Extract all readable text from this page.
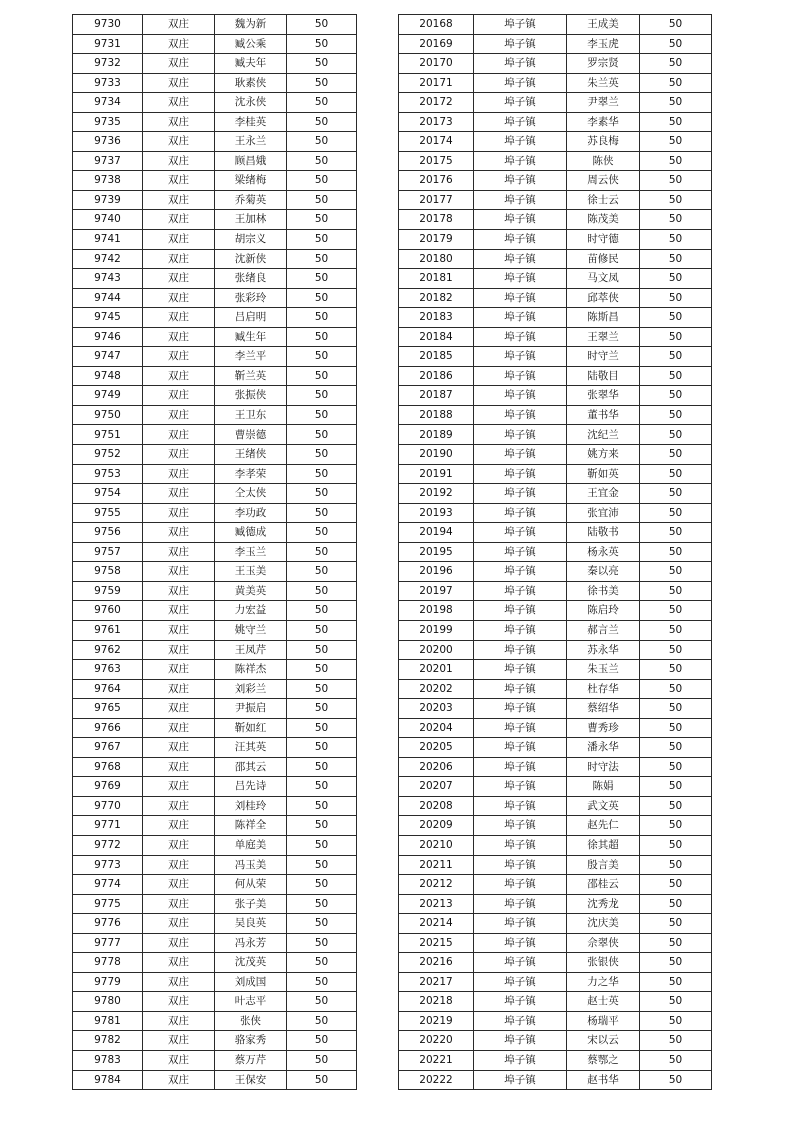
9730	双庄	魏为新	50
9731	双庄	臧公乘	50
9732	双庄	臧夫年	50
9733	双庄	耿素侠	50
9734	双庄	沈永侠	50
9735	双庄	李桂英	50
9736	双庄	王永兰	50
9737	双庄	顾昌娥	50
9738	双庄	梁绪梅	50
9739	双庄	乔菊英	50
9740	双庄	王加林	50
9741	双庄	胡宗义	50
9742	双庄	沈新侠	50
9743	双庄	张绪良	50
9744	双庄	张彩玲	50
9745	双庄	吕启明	50
9746	双庄	臧生年	50
9747	双庄	李兰平	50
9748	双庄	靳兰英	50
9749	双庄	张振侠	50
9750	双庄	王卫东	50
9751	双庄	曹崇德	50
9752	双庄	王绪侠	50
9753	双庄	李孝荣	50
9754	双庄	仝太侠	50
9755	双庄	李功政	50
9756	双庄	臧德成	50
9757	双庄	李玉兰	50
9758	双庄	王玉美	50
9759	双庄	黄美英	50
9760	双庄	力宏益	50
9761	双庄	姚守兰	50
9762	双庄	王凤芹	50
9763	双庄	陈祥杰	50
9764	双庄	刘彩兰	50
9765	双庄	尹振启	50
9766	双庄	靳如红	50
9767	双庄	汪其英	50
9768	双庄	邵其云	50
9769	双庄	吕先诗	50
9770	双庄	刘桂玲	50
9771	双庄	陈祥全	50
9772	双庄	单庭美	50
9773	双庄	冯玉美	50
9774	双庄	何从荣	50
9775	双庄	张子美	50
9776	双庄	吴良英	50
9777	双庄	冯永芳	50
9778	双庄	沈茂英	50
9779	双庄	刘成国	50
9780	双庄	叶志平	50
9781	双庄	张侠	50
9782	双庄	骆家秀	50
9783	双庄	蔡万芹	50
9784	双庄	王保安	50
20168	埠子镇	王成美	50
20169	埠子镇	李玉虎	50
20170	埠子镇	罗宗贤	50
20171	埠子镇	朱兰英	50
20172	埠子镇	尹翠兰	50
20173	埠子镇	李素华	50
20174	埠子镇	苏良梅	50
20175	埠子镇	陈侠	50
20176	埠子镇	周云侠	50
20177	埠子镇	徐士云	50
20178	埠子镇	陈茂美	50
20179	埠子镇	时守德	50
20180	埠子镇	苗修民	50
20181	埠子镇	马文凤	50
20182	埠子镇	邱萃侠	50
20183	埠子镇	陈斯昌	50
20184	埠子镇	王翠兰	50
20185	埠子镇	时守兰	50
20186	埠子镇	陆敬目	50
20187	埠子镇	张翠华	50
20188	埠子镇	董书华	50
20189	埠子镇	沈纪兰	50
20190	埠子镇	姚方来	50
20191	埠子镇	靳如英	50
20192	埠子镇	王宜金	50
20193	埠子镇	张宜沛	50
20194	埠子镇	陆敬书	50
20195	埠子镇	杨永英	50
20196	埠子镇	秦以亮	50
20197	埠子镇	徐书美	50
20198	埠子镇	陈启玲	50
20199	埠子镇	郝言兰	50
20200	埠子镇	苏永华	50
20201	埠子镇	朱玉兰	50
20202	埠子镇	杜存华	50
20203	埠子镇	蔡绍华	50
20204	埠子镇	曹秀珍	50
20205	埠子镇	潘永华	50
20206	埠子镇	时守法	50
20207	埠子镇	陈娟	50
20208	埠子镇	武文英	50
20209	埠子镇	赵先仁	50
20210	埠子镇	徐其超	50
20211	埠子镇	殷言美	50
20212	埠子镇	邵桂云	50
20213	埠子镇	沈秀龙	50
20214	埠子镇	沈庆美	50
20215	埠子镇	佘翠侠	50
20216	埠子镇	张银侠	50
20217	埠子镇	力之华	50
20218	埠子镇	赵士英	50
20219	埠子镇	杨瑞平	50
20220	埠子镇	宋以云	50
20221	埠子镇	蔡鄂之	50
20222	埠子镇	赵书华	50
